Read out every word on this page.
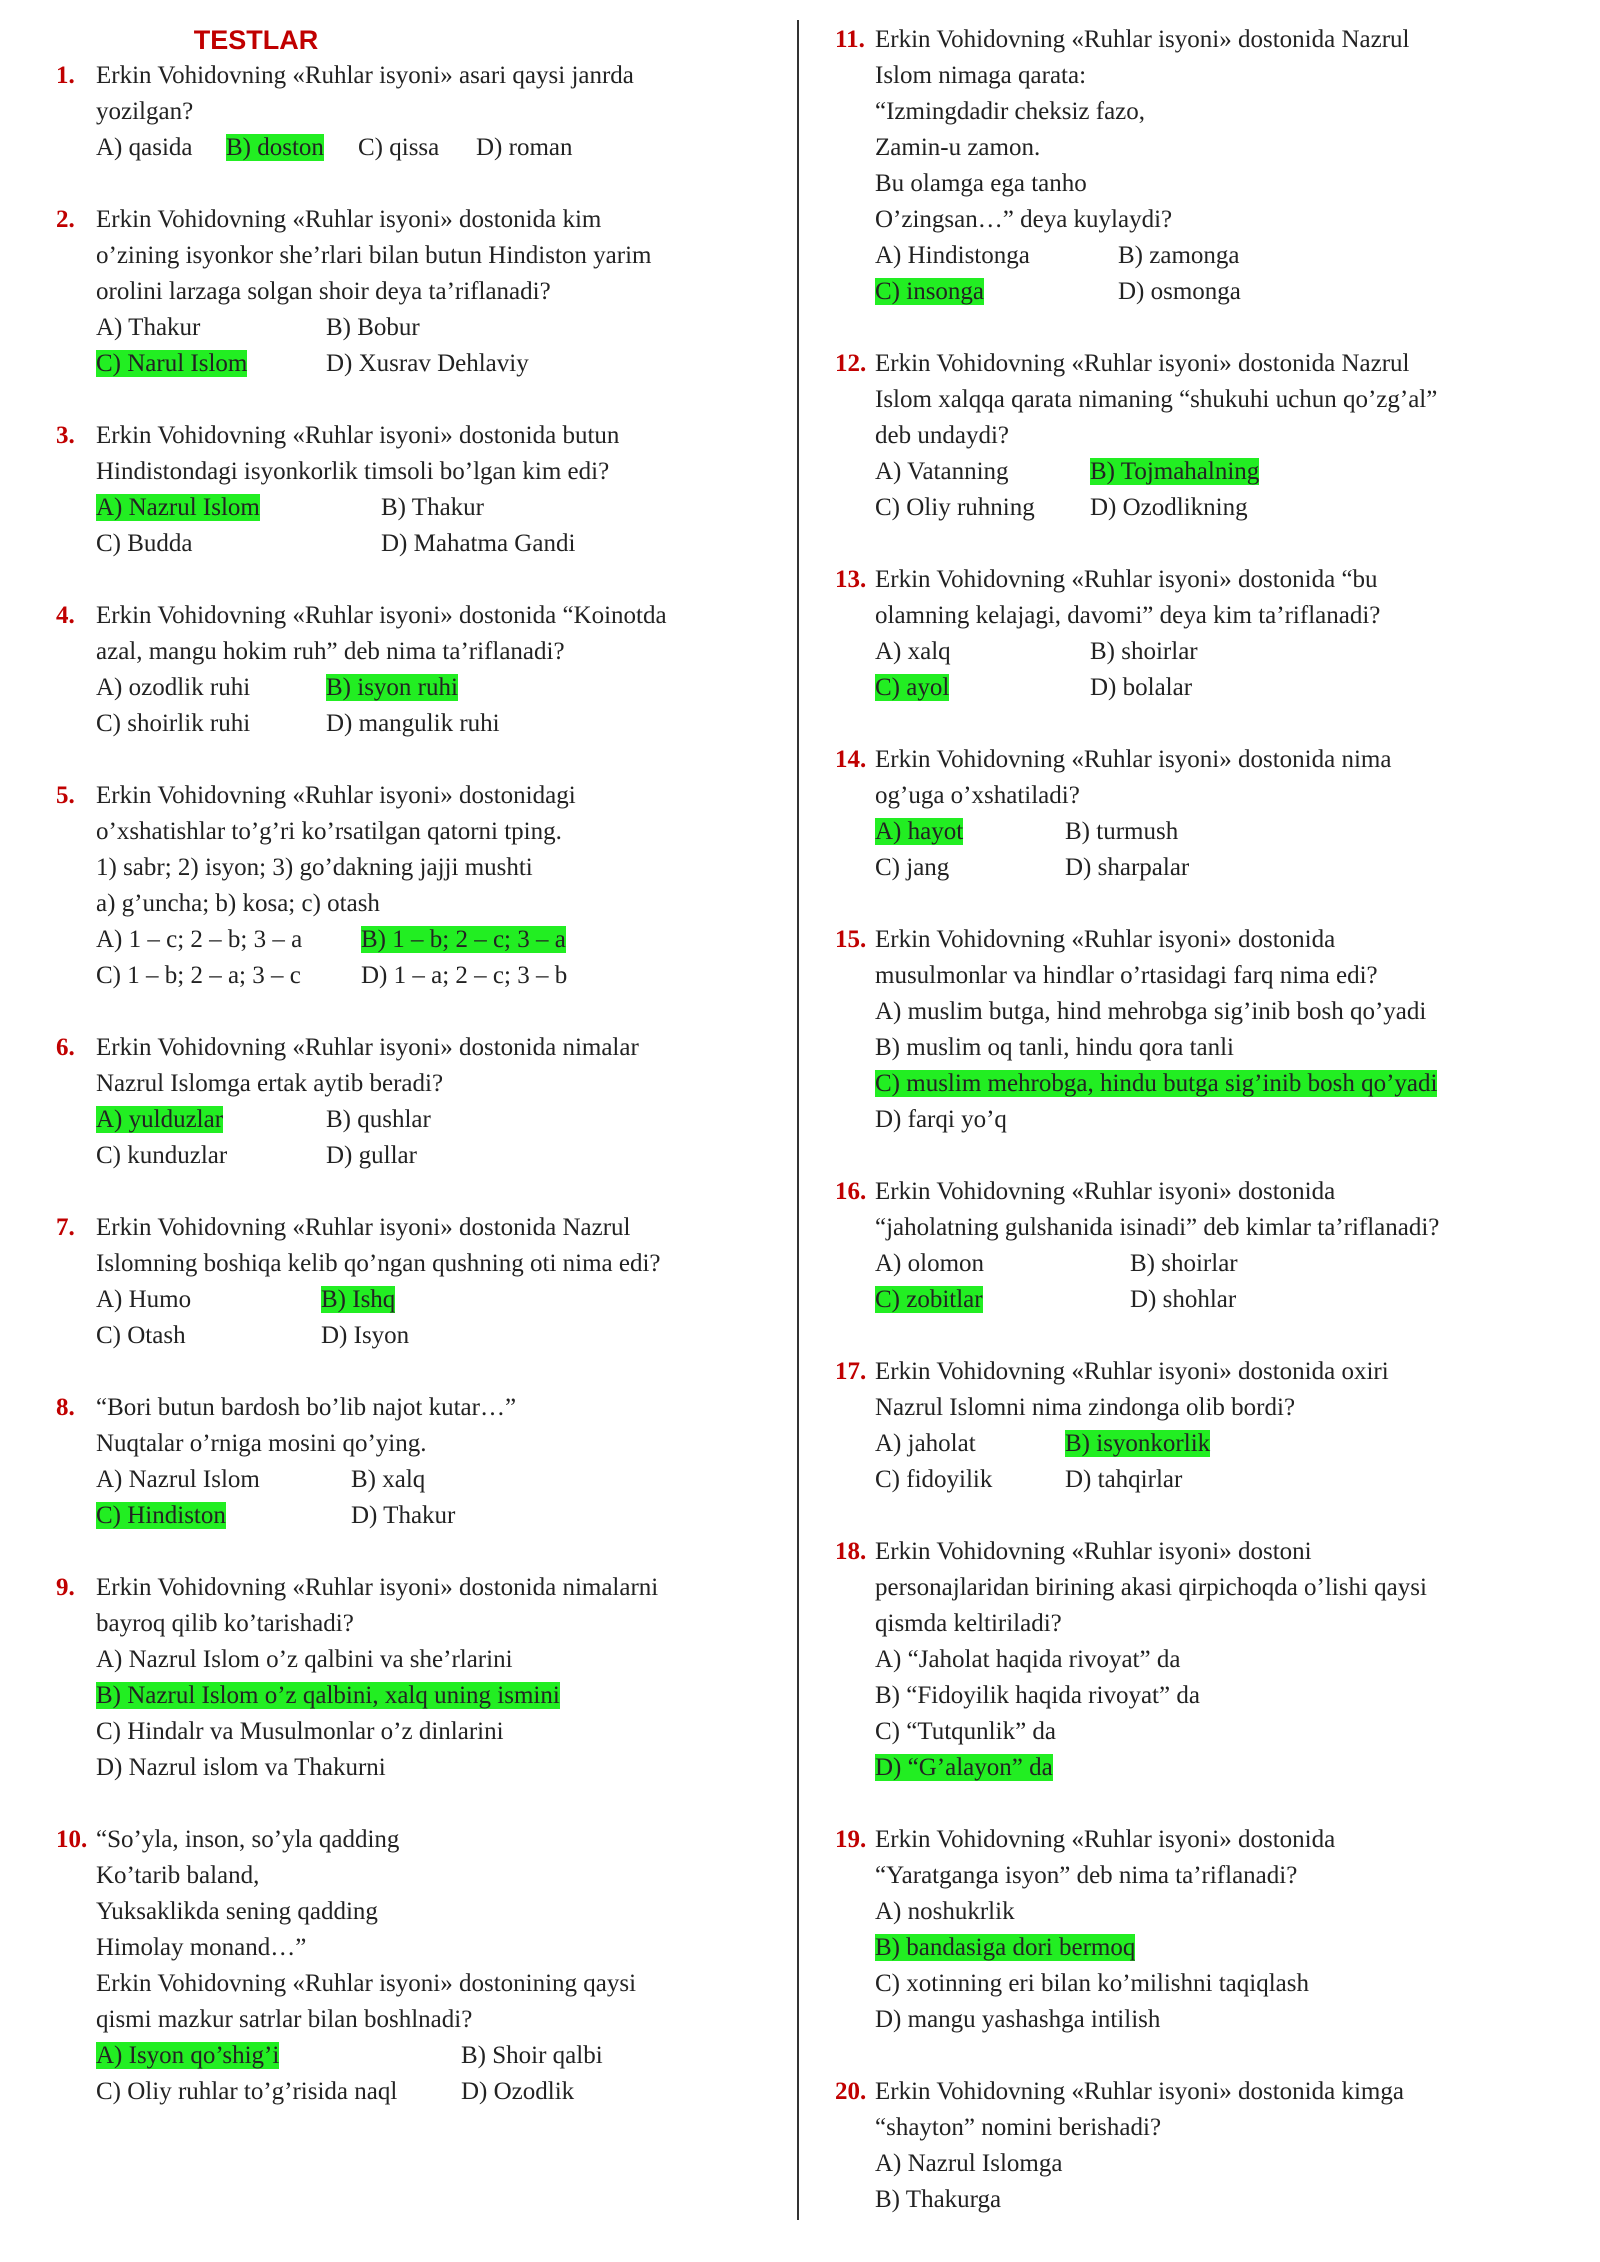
TESTLAR
1. Erkin Vohidovning «Ruhlar isyoni» asari qaysi janrda
yozilgan?
A) qasida	B) doston	C) qissa	D) roman
2. Erkin Vohidovning «Ruhlar isyoni» dostonida kim
o’zining isyonkor she’rlari bilan butun Hindiston yarim
orolini larzaga solgan shoir deya ta’riflanadi?
A) Thakur	B) Bobur
C) Narul Islom	D) Xusrav Dehlaviy
3. Erkin Vohidovning «Ruhlar isyoni» dostonida butun
Hindistondagi isyonkorlik timsoli bo’lgan kim edi?
A) Nazrul Islom	B) Thakur
C) Budda	D) Mahatma Gandi
4. Erkin Vohidovning «Ruhlar isyoni» dostonida “Koinotda
azal, mangu hokim ruh” deb nima ta’riflanadi?
A) ozodlik ruhi	B) isyon ruhi
C) shoirlik ruhi	D) mangulik ruhi
5. Erkin Vohidovning «Ruhlar isyoni» dostonidagi
o’xshatishlar to’g’ri ko’rsatilgan qatorni tping.
1) sabr; 2) isyon; 3) go’dakning jajji mushti
a) g’uncha; b) kosa; c) otash
A) 1 – c; 2 – b; 3 – a	B) 1 – b; 2 – c; 3 – a
C) 1 – b; 2 – a; 3 – c	D) 1 – a; 2 – c; 3 – b
6. Erkin Vohidovning «Ruhlar isyoni» dostonida nimalar
Nazrul Islomga ertak aytib beradi?
A) yulduzlar	B) qushlar
C) kunduzlar	D) gullar
7. Erkin Vohidovning «Ruhlar isyoni» dostonida Nazrul
Islomning boshiqa kelib qo’ngan qushning oti nima edi?
A) Humo	B) Ishq
C) Otash	D) Isyon
8. “Bori butun bardosh bo’lib najot kutar…”
Nuqtalar o’rniga mosini qo’ying.
A) Nazrul Islom	B) xalq
C) Hindiston	D) Thakur
9. Erkin Vohidovning «Ruhlar isyoni» dostonida nimalarni
bayroq qilib ko’tarishadi?
A) Nazrul Islom o’z qalbini va she’rlarini
B) Nazrul Islom o’z qalbini, xalq uning ismini
C) Hindalr va Musulmonlar o’z dinlarini
D) Nazrul islom va Thakurni
10. “So’yla, inson, so’yla qadding
Ko’tarib baland,
Yuksaklikda sening qadding
Himolay monand…”
Erkin Vohidovning «Ruhlar isyoni» dostonining qaysi
qismi mazkur satrlar bilan boshlnadi?
A) Isyon qo’shig’i	B) Shoir qalbi
C) Oliy ruhlar to’g’risida naql	D) Ozodlik
11. Erkin Vohidovning «Ruhlar isyoni» dostonida Nazrul
Islom nimaga qarata:
“Izmingdadir cheksiz fazo,
Zamin-u zamon.
Bu olamga ega tanho
O’zingsan…” deya kuylaydi?
A) Hindistonga	B) zamonga
C) insonga	D) osmonga
12. Erkin Vohidovning «Ruhlar isyoni» dostonida Nazrul
Islom xalqqa qarata nimaning “shukuhi uchun qo’zg’al”
deb undaydi?
A) Vatanning	B) Tojmahalning
C) Oliy ruhning	D) Ozodlikning
13. Erkin Vohidovning «Ruhlar isyoni» dostonida “bu
olamning kelajagi, davomi” deya kim ta’riflanadi?
A) xalq	B) shoirlar
C) ayol	D) bolalar
14. Erkin Vohidovning «Ruhlar isyoni» dostonida nima
og’uga o’xshatiladi?
A) hayot	B) turmush
C) jang	D) sharpalar
15. Erkin Vohidovning «Ruhlar isyoni» dostonida
musulmonlar va hindlar o’rtasidagi farq nima edi?
A) muslim butga, hind mehrobga sig’inib bosh qo’yadi
B) muslim oq tanli, hindu qora tanli
C) muslim mehrobga, hindu butga sig’inib bosh qo’yadi
D) farqi yo’q
16. Erkin Vohidovning «Ruhlar isyoni» dostonida
“jaholatning gulshanida isinadi” deb kimlar ta’riflanadi?
A) olomon	B) shoirlar
C) zobitlar	D) shohlar
17. Erkin Vohidovning «Ruhlar isyoni» dostonida oxiri
Nazrul Islomni nima zindonga olib bordi?
A) jaholat	B) isyonkorlik
C) fidoyilik	D) tahqirlar
18. Erkin Vohidovning «Ruhlar isyoni» dostoni
personajlaridan birining akasi qirpichoqda o’lishi qaysi
qismda keltiriladi?
A) “Jaholat haqida rivoyat” da
B) “Fidoyilik haqida rivoyat” da
C) “Tutqunlik” da
D) “G’alayon” da
19. Erkin Vohidovning «Ruhlar isyoni» dostonida
“Yaratganga isyon” deb nima ta’riflanadi?
A) noshukrlik
B) bandasiga dori bermoq
C) xotinning eri bilan ko’milishni taqiqlash
D) mangu yashashga intilish
20. Erkin Vohidovning «Ruhlar isyoni» dostonida kimga
“shayton” nomini berishadi?
A) Nazrul Islomga
B) Thakurga
